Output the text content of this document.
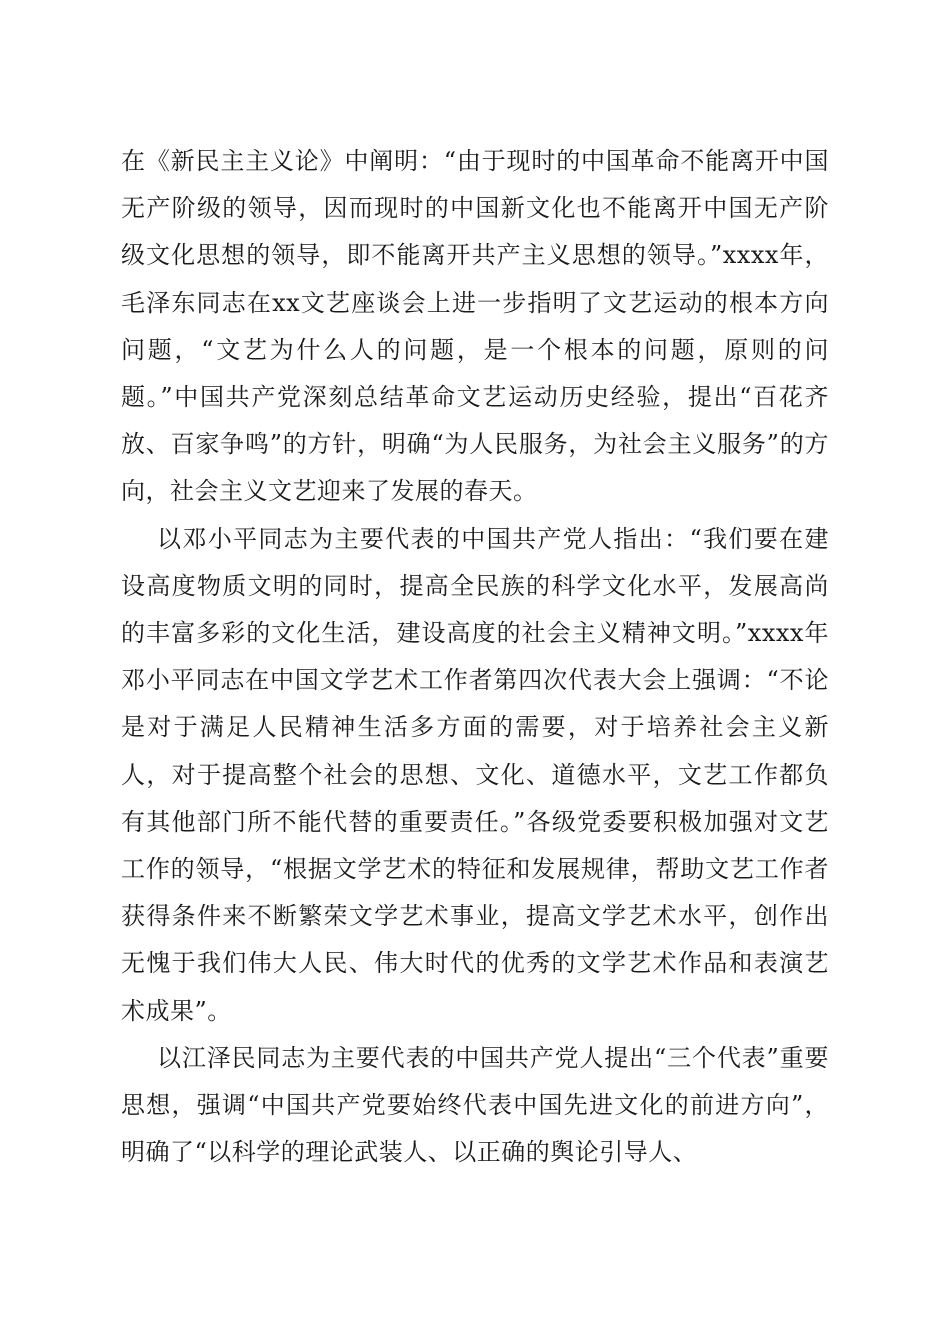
在《新民主主义论》中阐明：“由于现时的中国革命不能离开中国无产阶级的领导，因而现时的中国新文化也不能离开中国无产阶级文化思想的领导，即不能离开共产主义思想的领导。”xxxx年，毛泽东同志在xx文艺座谈会上进一步指明了文艺运动的根本方向问题，“文艺为什么人的问题，是一个根本的问题，原则的问题。”中国共产党深刻总结革命文艺运动历史经验，提出“百花齐放、百家争鸣”的方针，明确“为人民服务，为社会主义服务”的方向，社会主义文艺迎来了发展的春天。

以邓小平同志为主要代表的中国共产党人指出：“我们要在建设高度物质文明的同时，提高全民族的科学文化水平，发展高尚的丰富多彩的文化生活，建设高度的社会主义精神文明。”xxxx年邓小平同志在中国文学艺术工作者第四次代表大会上强调：“不论是对于满足人民精神生活多方面的需要，对于培养社会主义新人，对于提高整个社会的思想、文化、道德水平，文艺工作都负有其他部门所不能代替的重要责任。”各级党委要积极加强对文艺工作的领导，“根据文学艺术的特征和发展规律，帮助文艺工作者获得条件来不断繁荣文学艺术事业，提高文学艺术水平，创作出无愧于我们伟大人民、伟大时代的优秀的文学艺术作品和表演艺术成果”。

以江泽民同志为主要代表的中国共产党人提出“三个代表”重要思想，强调“中国共产党要始终代表中国先进文化的前进方向”，明确了“以科学的理论武装人、以正确的舆论引导人、
